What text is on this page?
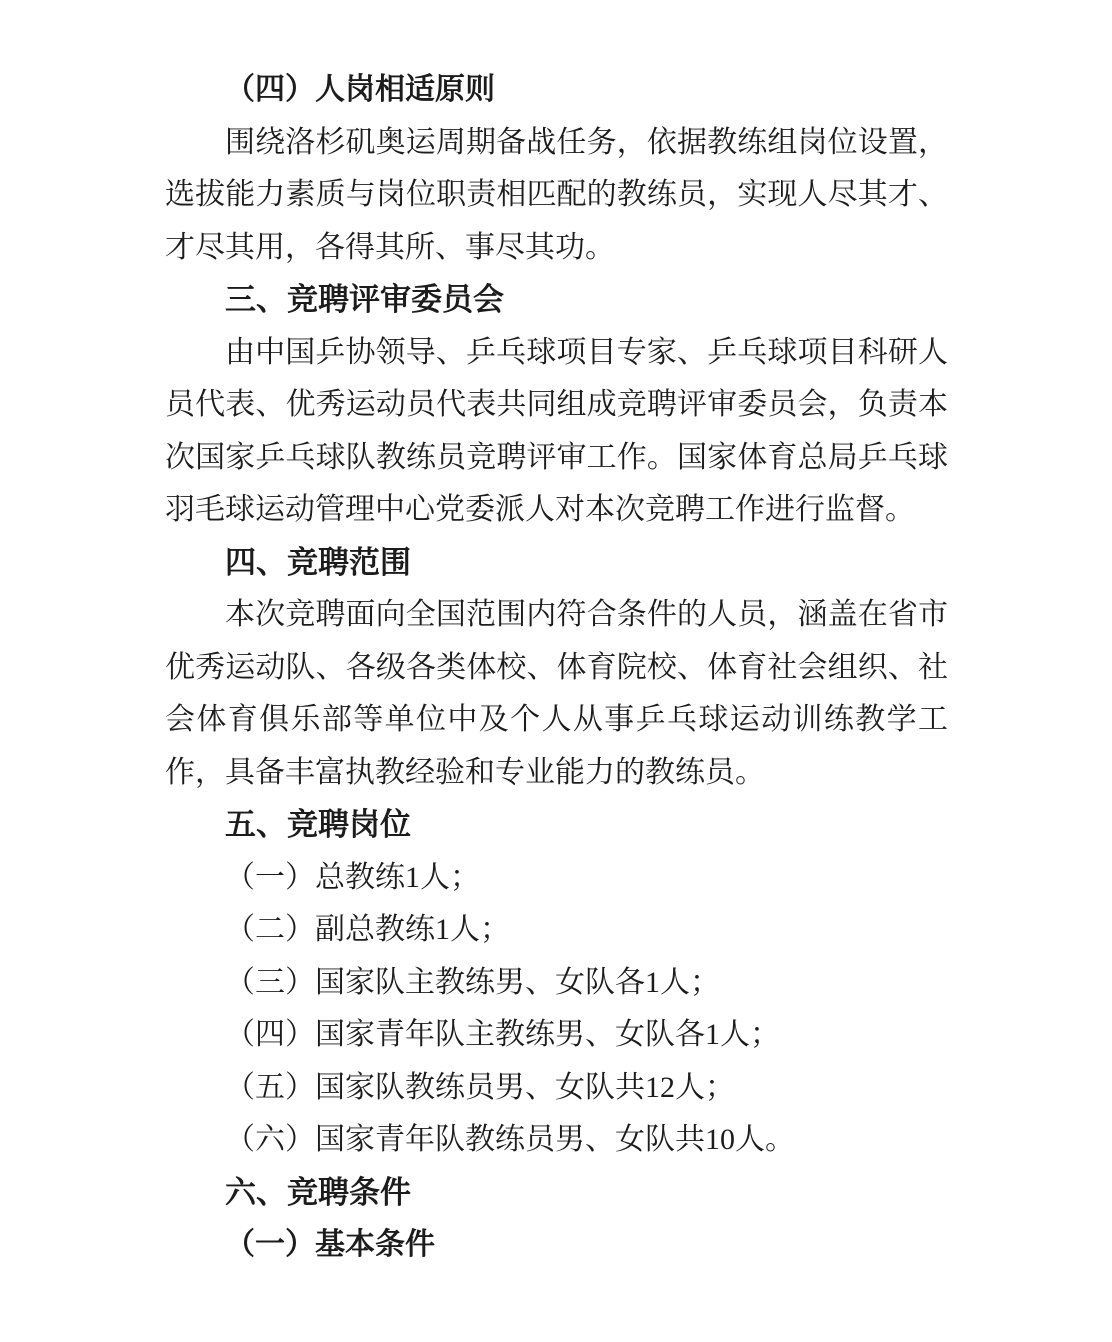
（四）人岗相适原则
围绕洛杉矶奥运周期备战任务，依据教练组岗位设置，
选拔能力素质与岗位职责相匹配的教练员，实现人尽其才、
才尽其用，各得其所、事尽其功。
三、竞聘评审委员会
由中国乒协领导、乒乓球项目专家、乒乓球项目科研人
员代表、优秀运动员代表共同组成竞聘评审委员会，负责本
次国家乒乓球队教练员竞聘评审工作。国家体育总局乒乓球
羽毛球运动管理中心党委派人对本次竞聘工作进行监督。
四、竞聘范围
本次竞聘面向全国范围内符合条件的人员，涵盖在省市
优秀运动队、各级各类体校、体育院校、体育社会组织、社
会体育俱乐部等单位中及个人从事乒乓球运动训练教学工
作，具备丰富执教经验和专业能力的教练员。
五、竞聘岗位
（一）总教练1人；
（二）副总教练1人；
（三）国家队主教练男、女队各1人；
（四）国家青年队主教练男、女队各1人；
（五）国家队教练员男、女队共12人；
（六）国家青年队教练员男、女队共10人。
六、竞聘条件
（一）基本条件
